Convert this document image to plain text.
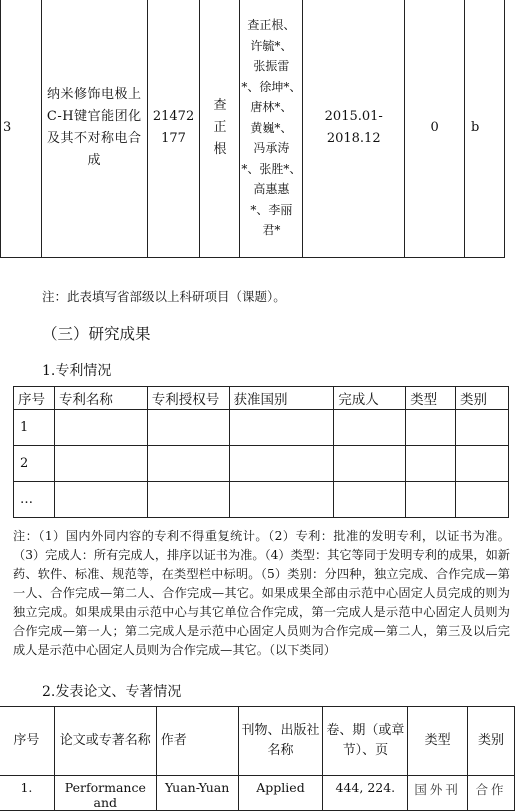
3	纳米修饰电极上C-H键官能团化及其不对称电合成	21472177	查正根	
查正根、
许毓*、
张振雷
*、徐坤*、
唐林*、
黄巍*、
冯承涛
*、张胜*、
高惠惠
*、李丽
君*
	2015.01-2018.12	0	b
注：此表填写省部级以上科研项目（课题）。
（三）研究成果
1.专利情况
序号	专利名称	专利授权号	获准国别	完成人	类型	类别
1						
2						
…						
注：（1）国内外同内容的专利不得重复统计。（2）专利：批准的发明专利，以证书为准。（3）完成人：所有完成人，排序以证书为准。（4）类型：其它等同于发明专利的成果，如新药、软件、标准、规范等，在类型栏中标明。（5）类别：分四种，独立完成、合作完成—第一人、合作完成—第二人、合作完成—其它。如果成果全部由示范中心固定人员完成的则为独立完成。如果成果由示范中心与其它单位合作完成，第一完成人是示范中心固定人员则为合作完成—第一人；第二完成人是示范中心固定人员则为合作完成—第二人，第三及以后完成人是示范中心固定人员则为合作完成—其它。（以下类同）
2.发表论文、专著情况
序号	论文或专著名称	作者	刊物、出版社名称	卷、期（或章节）、页	类型	类别
1.	Performance and	Yuan-Yuan	Applied	444, 224.	国外刊	合作
